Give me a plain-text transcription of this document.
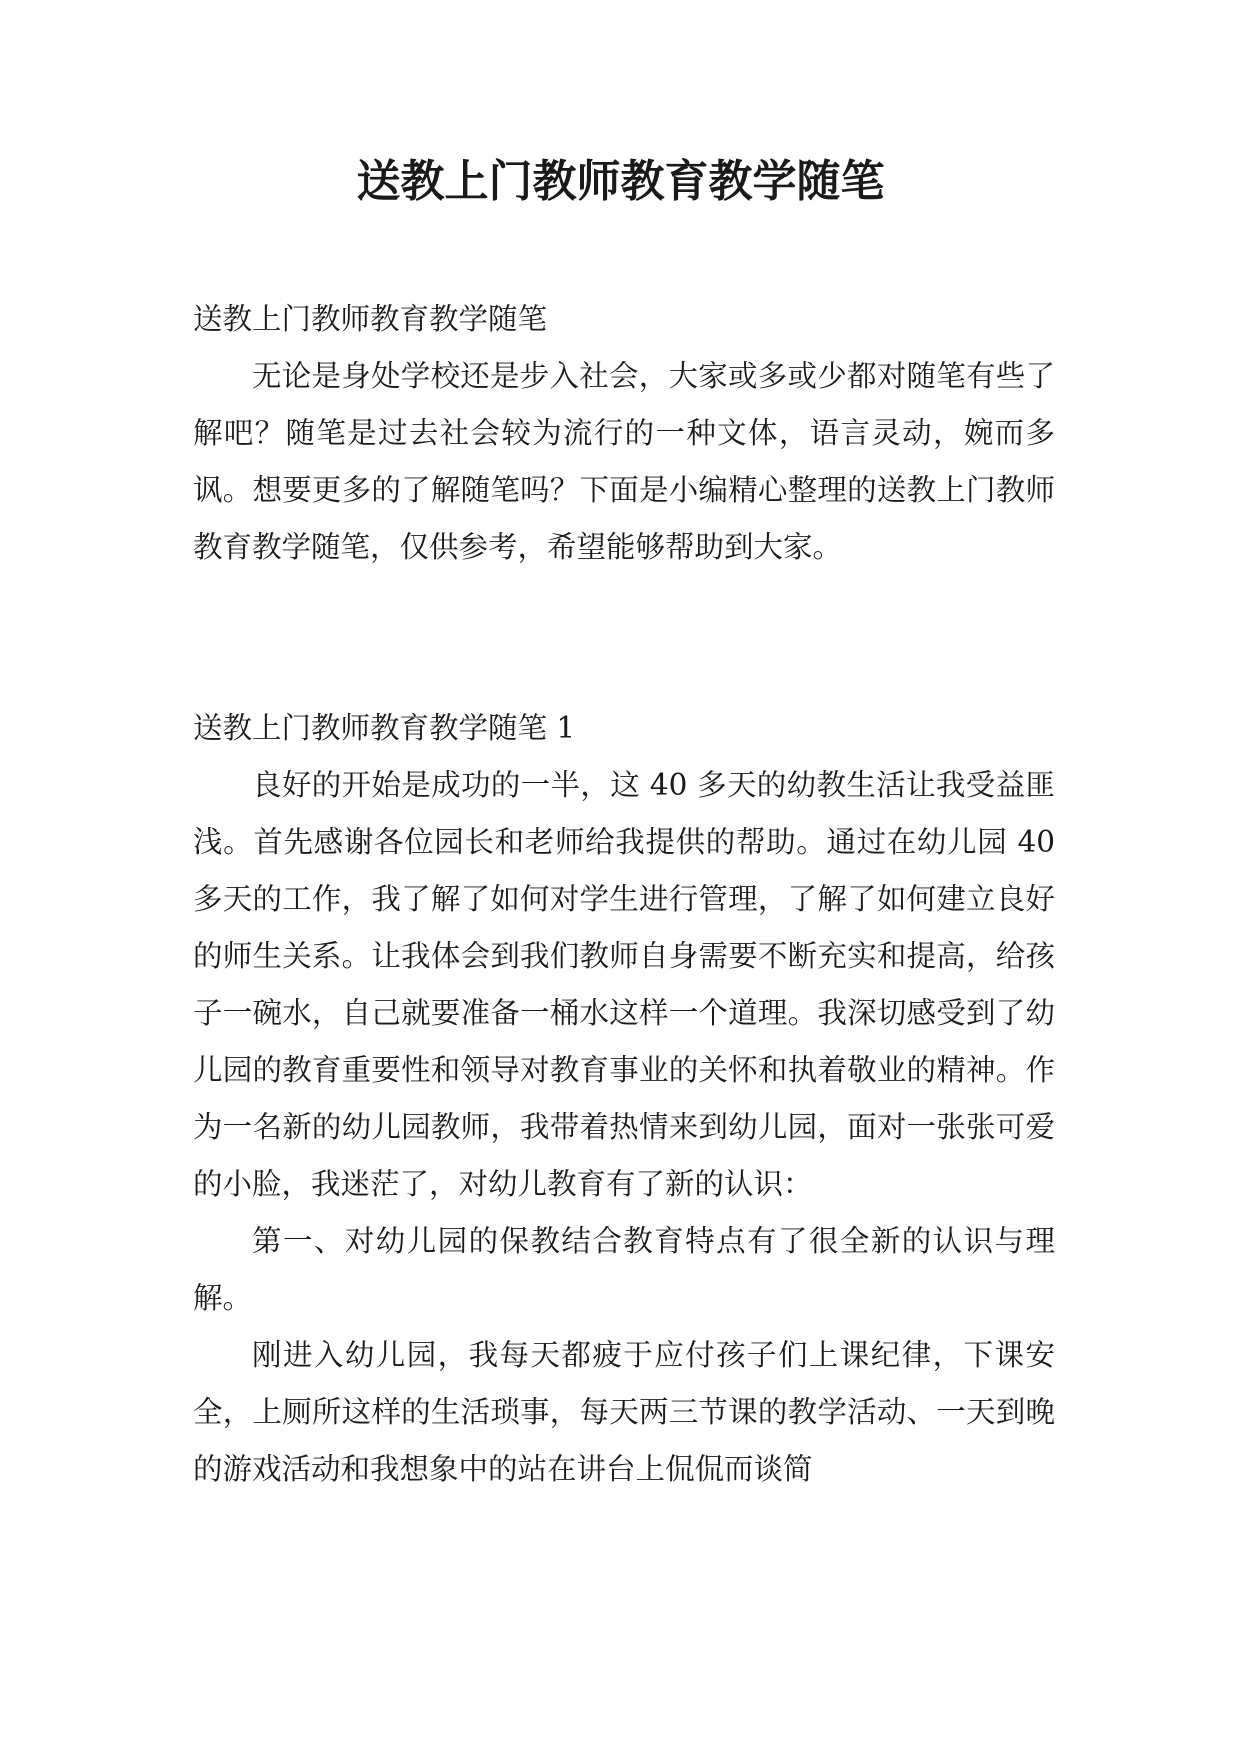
送教上门教师教育教学随笔

送教上门教师教育教学随笔

无论是身处学校还是步入社会，大家或多或少都对随笔有些了解吧？随笔是过去社会较为流行的一种文体，语言灵动，婉而多讽。想要更多的了解随笔吗？下面是小编精心整理的送教上门教师教育教学随笔，仅供参考，希望能够帮助到大家。

送教上门教师教育教学随笔 1

良好的开始是成功的一半，这 40 多天的幼教生活让我受益匪浅。首先感谢各位园长和老师给我提供的帮助。通过在幼儿园 40 多天的工作，我了解了如何对学生进行管理，了解了如何建立良好的师生关系。让我体会到我们教师自身需要不断充实和提高，给孩子一碗水，自己就要准备一桶水这样一个道理。我深切感受到了幼儿园的教育重要性和领导对教育事业的关怀和执着敬业的精神。作为一名新的幼儿园教师，我带着热情来到幼儿园，面对一张张可爱的小脸，我迷茫了，对幼儿教育有了新的认识：

第一、对幼儿园的保教结合教育特点有了很全新的认识与理解。

刚进入幼儿园，我每天都疲于应付孩子们上课纪律，下课安全，上厕所这样的生活琐事，每天两三节课的教学活动、一天到晚的游戏活动和我想象中的站在讲台上侃侃而谈简
